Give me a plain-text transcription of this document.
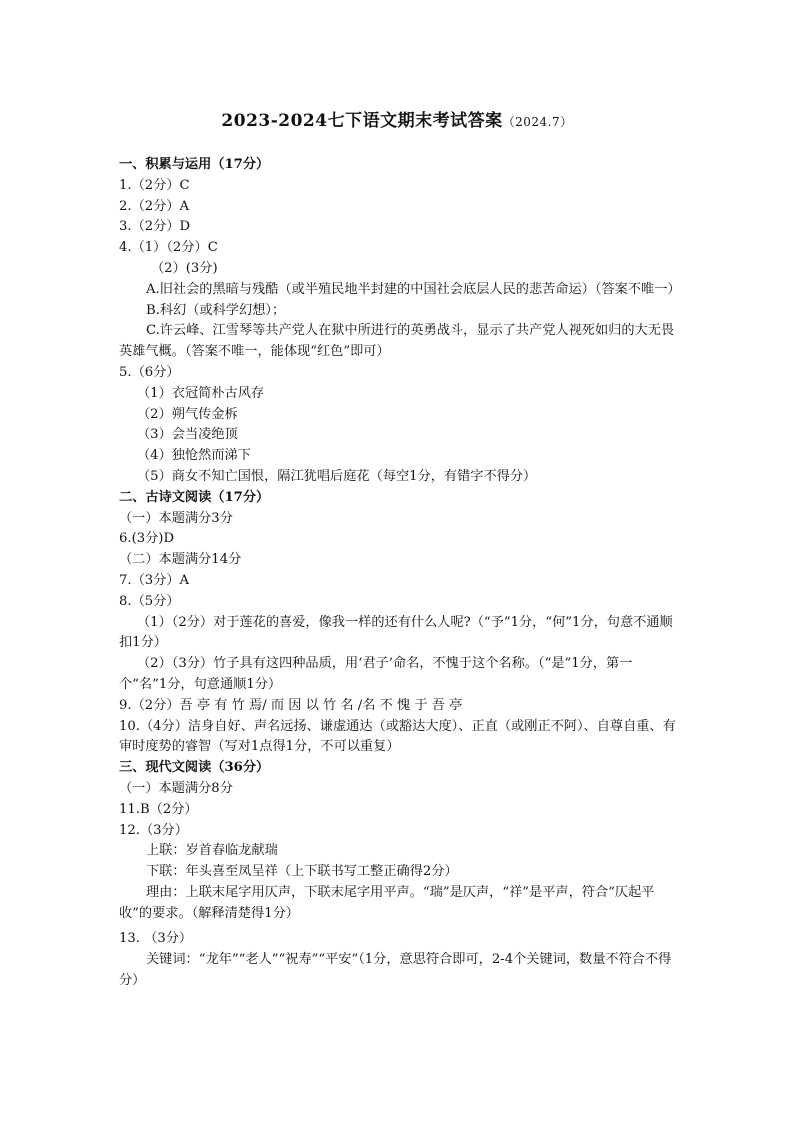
2023-2024七下语文期末考试答案（2024.7）

一、积累与运用（17分）

1.（2分）C

2.（2分）A

3.（2分）D

4.（1）（2分）C

（2）(3分)

A.旧社会的黑暗与残酷（或半殖民地半封建的中国社会底层人民的悲苦命运）（答案不唯一）

B.科幻（或科学幻想）；

C.许云峰、江雪琴等共产党人在狱中所进行的英勇战斗，显示了共产党人视死如归的大无畏英雄气概。（答案不唯一，能体现“红色”即可）

5.（6分）

（1）衣冠简朴古风存

（2）朔气传金柝

（3）会当凌绝顶

（4）独怆然而涕下

（5）商女不知亡国恨，隔江犹唱后庭花（每空1分，有错字不得分）

二、古诗文阅读（17分）

（一）本题满分3分

6.(3分)D

（二）本题满分14分

7.（3分）A

8.（5分）

（1）（2分）对于莲花的喜爱，像我一样的还有什么人呢?（“予”1分，“何”1分，句意不通顺扣1分）

（2）（3分）竹子具有这四种品质，用‘君子’命名，不愧于这个名称。（“是”1分，第一个“名”1分，句意通顺1分）

9.（2分）吾 亭 有 竹 焉/ 而 因 以 竹 名 /名 不 愧 于 吾 亭

10.（4分）洁身自好、声名远扬、谦虚通达（或豁达大度）、正直（或刚正不阿）、自尊自重、有审时度势的睿智（写对1点得1分，不可以重复）

三、现代文阅读（36分）

（一）本题满分8分

11.B（2分）

12.（3分）

上联：岁首春临龙献瑞

下联：年头喜至凤呈祥（上下联书写工整正确得2分）

理由：上联末尾字用仄声，下联末尾字用平声。“瑞”是仄声，“祥”是平声，符合“仄起平收”的要求。（解释清楚得1分）

13. （3分）

关键词：“龙年”“老人”“祝寿”“平安”（1分，意思符合即可，2-4个关键词，数量不符合不得分）
